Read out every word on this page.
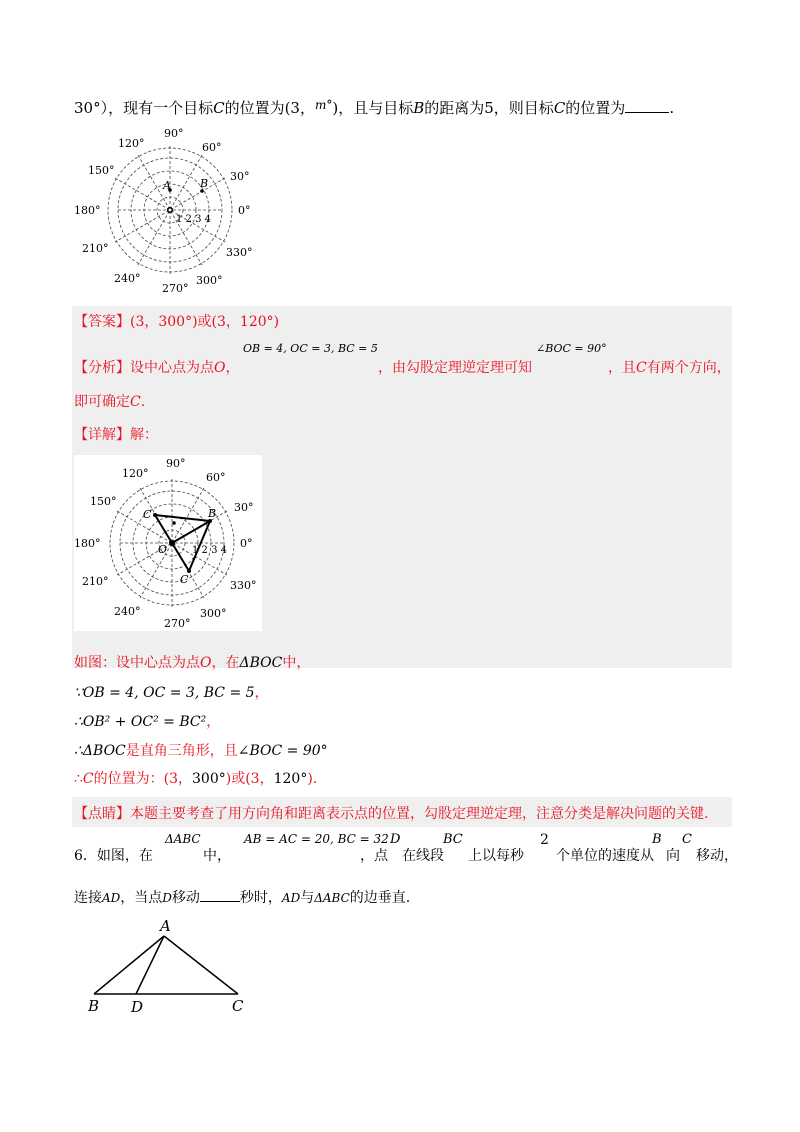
30°），现有一个目标C的位置为(3，$^{m^\circ}$)，且与目标B的距离为5，则目标C的位置为	.
90°
60°
30°
0°
330°
300°
270°
240°
210°
180°
150°
120°
A	B
1 2 3 4
【答案】(3，300°)或(3，120°)
【分析】设中心点为点O，
OB = 4, OC = 3, BC = 5
，由勾股定理逆定理可知
∠BOC = 90°
，且C有两个方向，
即可确定C.
【详解】解：
90°
60°
30°
0°
330°
300°
270°
240°
210°
180°
150°
120°
B
C
C
O 1 2 3 4
如图：设中心点为点O，在ΔBOC中，
∵OB = 4, OC = 3, BC = 5，
∴OB² + OC² = BC²，
∴ΔBOC是直角三角形，且∠BOC = 90°
∴C的位置为：(3，300°)或(3，120°).
【点睛】本题主要考查了用方向角和距离表示点的位置，勾股定理逆定理，注意分类是解决问题的关键.
6．如图，在
ΔABC
中，
AB = AC = 20, BC = 32
，点
D
在线段
BC
上以每秒
2
个单位的速度从
B
向
C
移动，
连接AD，当点D移动	秒时，AD与ΔABC的边垂直.
A
B D	C
